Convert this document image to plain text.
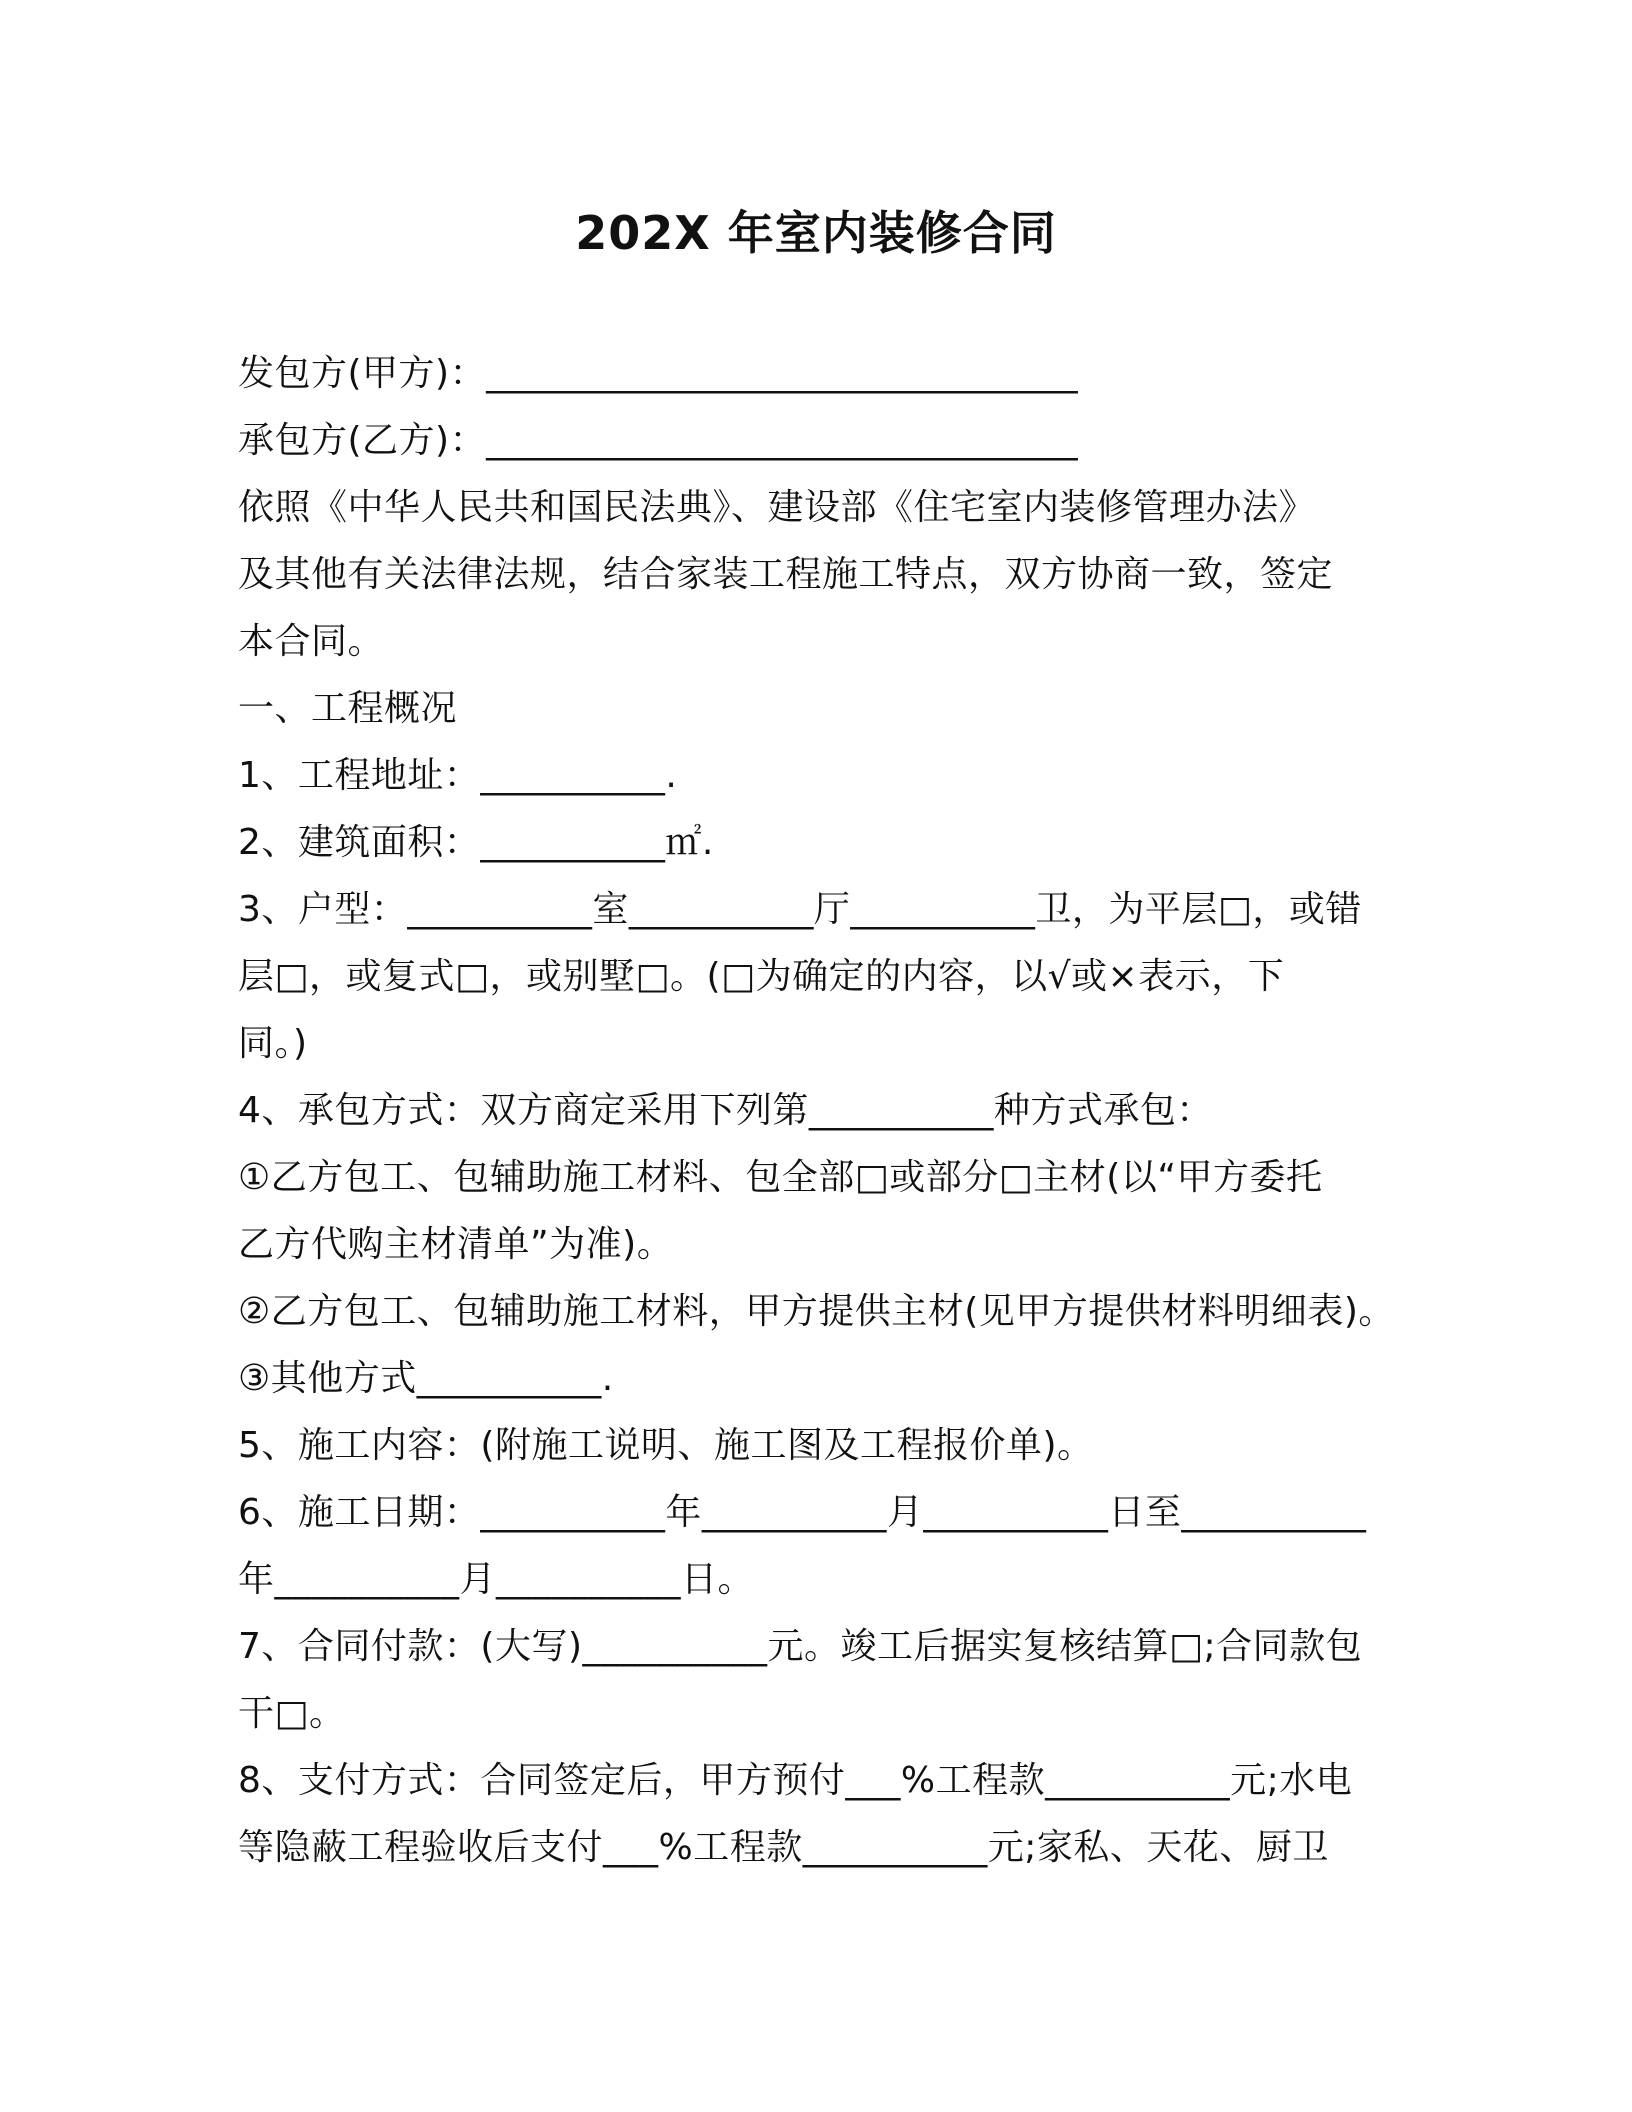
202X 年室内装修合同
发包方(甲方)：________________________________
承包方(乙方)：________________________________
依照《中华人民共和国民法典》、建设部《住宅室内装修管理办法》
及其他有关法律法规，结合家装工程施工特点，双方协商一致，签定
本合同。
一、工程概况
1、工程地址：__________.
2、建筑面积：__________㎡.
3、户型：__________室__________厅__________卫，为平层□，或错
层□，或复式□，或别墅□。(□为确定的内容，以√或×表示，下
同。)
4、承包方式：双方商定采用下列第__________种方式承包：
①乙方包工、包辅助施工材料、包全部□或部分□主材(以“甲方委托
乙方代购主材清单”为准)。
②乙方包工、包辅助施工材料，甲方提供主材(见甲方提供材料明细表)。
③其他方式__________.
5、施工内容：(附施工说明、施工图及工程报价单)。
6、施工日期：__________年__________月__________日至__________
年__________月__________日。
7、合同付款：(大写)__________元。竣工后据实复核结算□;合同款包
干□。
8、支付方式：合同签定后，甲方预付___%工程款__________元;水电
等隐蔽工程验收后支付___%工程款__________元;家私、天花、厨卫
